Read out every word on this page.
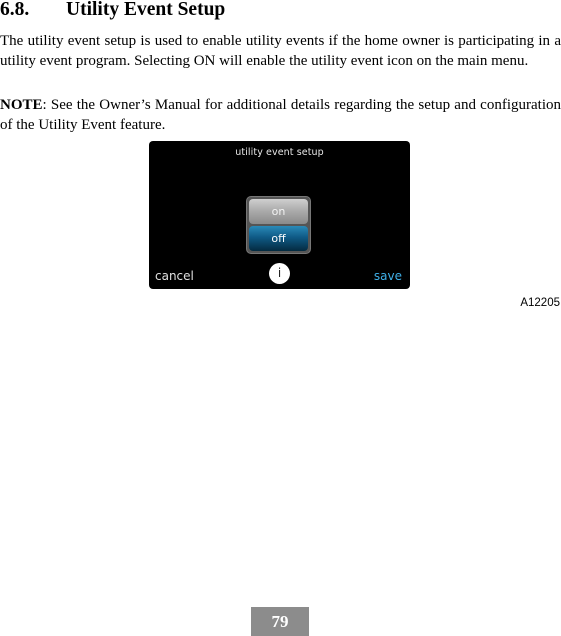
6.8. Utility Event Setup

The utility event setup is used to enable utility events if the home owner is participating in a utility event program. Selecting ON will enable the utility event icon on the main menu.

NOTE: See the Owner’s Manual for additional details regarding the setup and configuration of the Utility Event feature.

utility event setup
on
off
cancel	i	save
A12205
79
